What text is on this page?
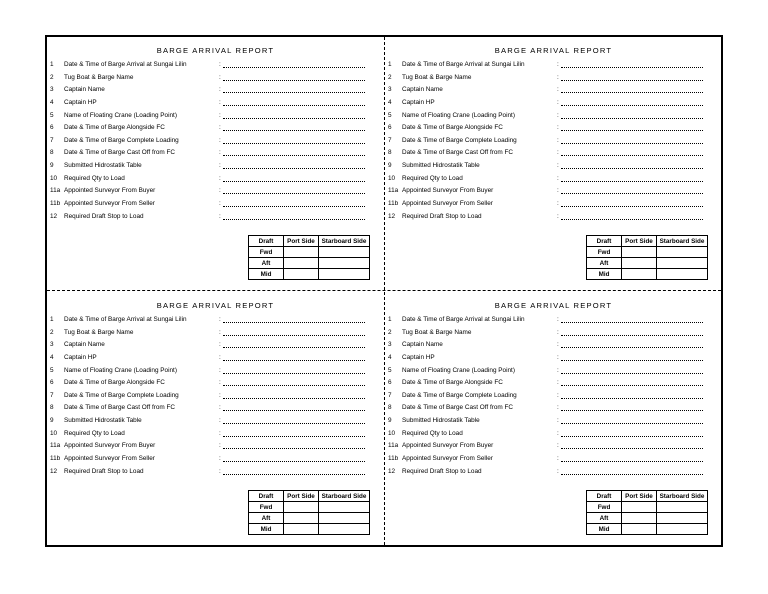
BARGE ARRIVAL REPORT
1 Date & Time of Barge Arrival at Sungai Lilin	:
2 Tug Boat & Barge Name	:
3 Captain Name	:
4 Captain HP	:
5 Name of Floating Crane (Loading Point)	:
6 Date & Time of Barge Alongside FC	:
7 Date & Time of Barge Complete Loading	:
8 Date & Time of Barge Cast Off from FC	:
9 Submitted Hidrostatik Table	:
10 Required Qty to Load	:
11a Appointed Surveyor From Buyer	:
11b Appointed Surveyor From Seller	:
12 Required Draft Stop to Load	:
Draft	Port Side	Starboard Side
Fwd		
Aft		
Mid		
BARGE ARRIVAL REPORT
1 Date & Time of Barge Arrival at Sungai Lilin	:
2 Tug Boat & Barge Name	:
3 Captain Name	:
4 Captain HP	:
5 Name of Floating Crane (Loading Point)	:
6 Date & Time of Barge Alongside FC	:
7 Date & Time of Barge Complete Loading	:
8 Date & Time of Barge Cast Off from FC	:
9 Submitted Hidrostatik Table	:
10 Required Qty to Load	:
11a Appointed Surveyor From Buyer	:
11b Appointed Surveyor From Seller	:
12 Required Draft Stop to Load	:
Draft	Port Side	Starboard Side
Fwd		
Aft		
Mid		
BARGE ARRIVAL REPORT
1 Date & Time of Barge Arrival at Sungai Lilin	:
2 Tug Boat & Barge Name	:
3 Captain Name	:
4 Captain HP	:
5 Name of Floating Crane (Loading Point)	:
6 Date & Time of Barge Alongside FC	:
7 Date & Time of Barge Complete Loading	:
8 Date & Time of Barge Cast Off from FC	:
9 Submitted Hidrostatik Table	:
10 Required Qty to Load	:
11a Appointed Surveyor From Buyer	:
11b Appointed Surveyor From Seller	:
12 Required Draft Stop to Load	:
Draft	Port Side	Starboard Side
Fwd		
Aft		
Mid		
BARGE ARRIVAL REPORT
1 Date & Time of Barge Arrival at Sungai Lilin	:
2 Tug Boat & Barge Name	:
3 Captain Name	:
4 Captain HP	:
5 Name of Floating Crane (Loading Point)	:
6 Date & Time of Barge Alongside FC	:
7 Date & Time of Barge Complete Loading	:
8 Date & Time of Barge Cast Off from FC	:
9 Submitted Hidrostatik Table	:
10 Required Qty to Load	:
11a Appointed Surveyor From Buyer	:
11b Appointed Surveyor From Seller	:
12 Required Draft Stop to Load	:
Draft	Port Side	Starboard Side
Fwd		
Aft		
Mid		
